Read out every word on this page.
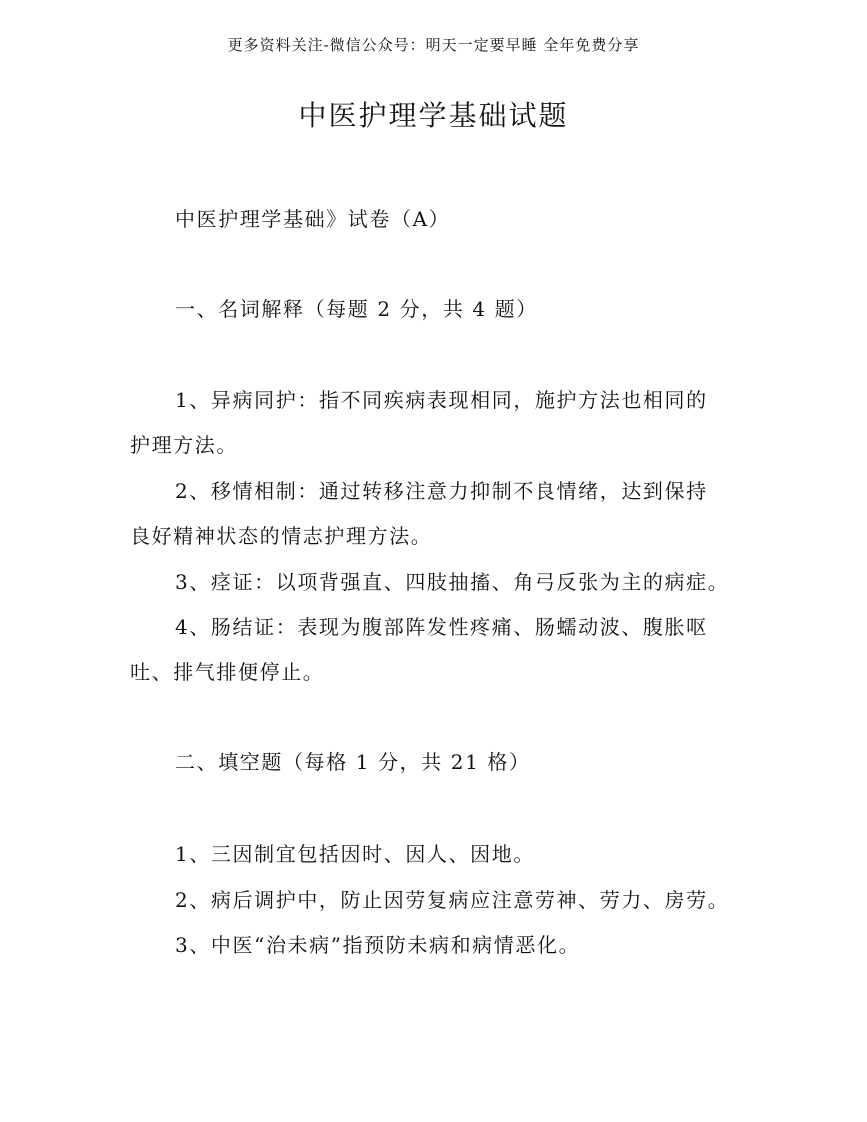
更多资料关注-微信公众号：明天一定要早睡 全年免费分享
中医护理学基础试题
中医护理学基础》试卷（A）
一、名词解释（每题 2 分，共 4 题）
1、异病同护：指不同疾病表现相同，施护方法也相同的
护理方法。
2、移情相制：通过转移注意力抑制不良情绪，达到保持
良好精神状态的情志护理方法。
3、痉证：以项背强直、四肢抽搐、角弓反张为主的病症。
4、肠结证：表现为腹部阵发性疼痛、肠蠕动波、腹胀呕
吐、排气排便停止。
二、填空题（每格 1 分，共 21 格）
1、三因制宜包括因时、因人、因地。
2、病后调护中，防止因劳复病应注意劳神、劳力、房劳。
3、中医“治未病”指预防未病和病情恶化。
